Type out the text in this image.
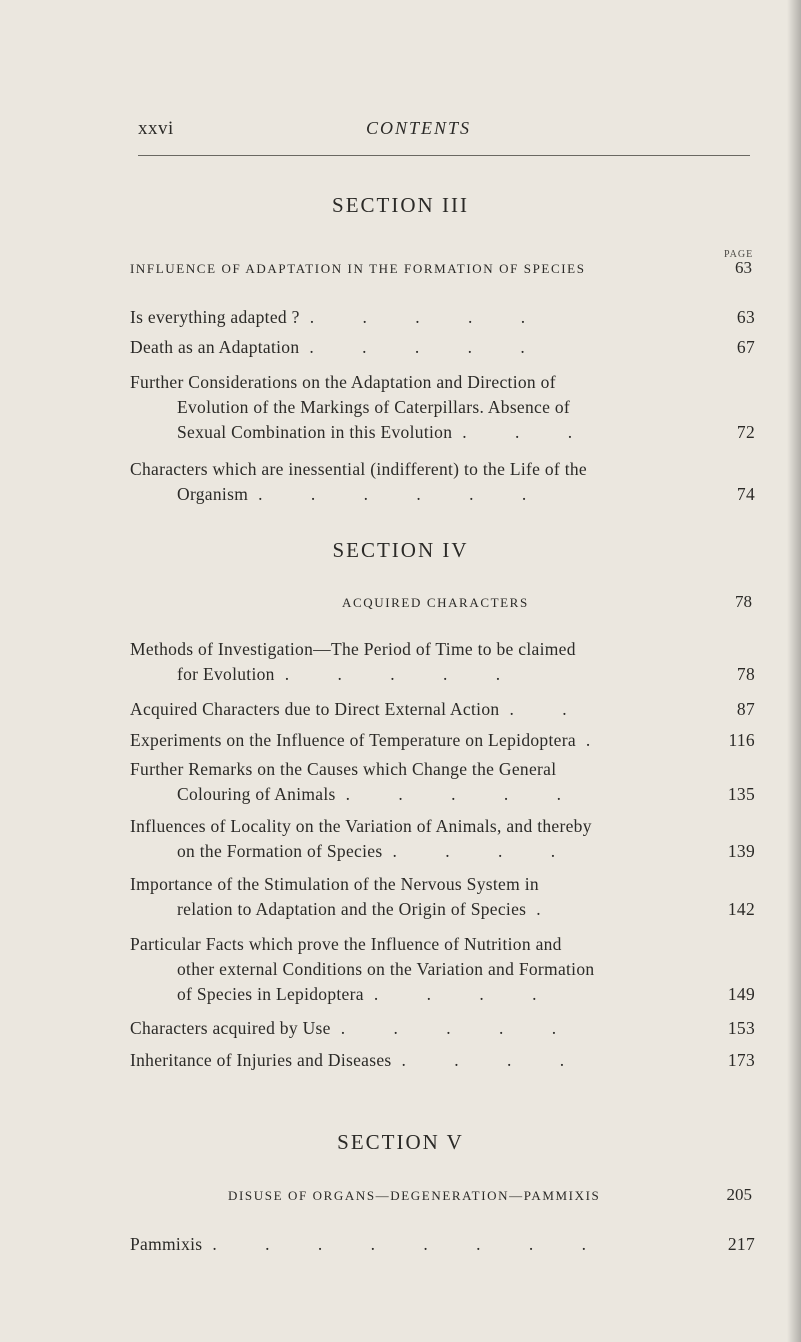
xxvi	CONTENTS
SECTION III
PAGE
INFLUENCE OF ADAPTATION IN THE FORMATION OF SPECIES	63
Is everything adapted ? . . . . .	63
Death as an Adaptation . . . . .	67
Further Considerations on the Adaptation and Direction of
Evolution of the Markings of Caterpillars. Absence of
Sexual Combination in this Evolution . . .	72
Characters which are inessential (indifferent) to the Life of the
Organism . . . . . .	74
SECTION IV
ACQUIRED CHARACTERS	78
Methods of Investigation—The Period of Time to be claimed
for Evolution . . . . .	78
Acquired Characters due to Direct External Action . .	87
Experiments on the Influence of Temperature on Lepidoptera .	116
Further Remarks on the Causes which Change the General
Colouring of Animals . . . . .	135
Influences of Locality on the Variation of Animals, and thereby
on the Formation of Species . . . .	139
Importance of the Stimulation of the Nervous System in
relation to Adaptation and the Origin of Species .	142
Particular Facts which prove the Influence of Nutrition and
other external Conditions on the Variation and Formation
of Species in Lepidoptera . . . .	149
Characters acquired by Use . . . . .	153
Inheritance of Injuries and Diseases . . . .	173
SECTION V
DISUSE OF ORGANS—DEGENERATION—PAMMIXIS	205
Pammixis . . . . . . . .	217
